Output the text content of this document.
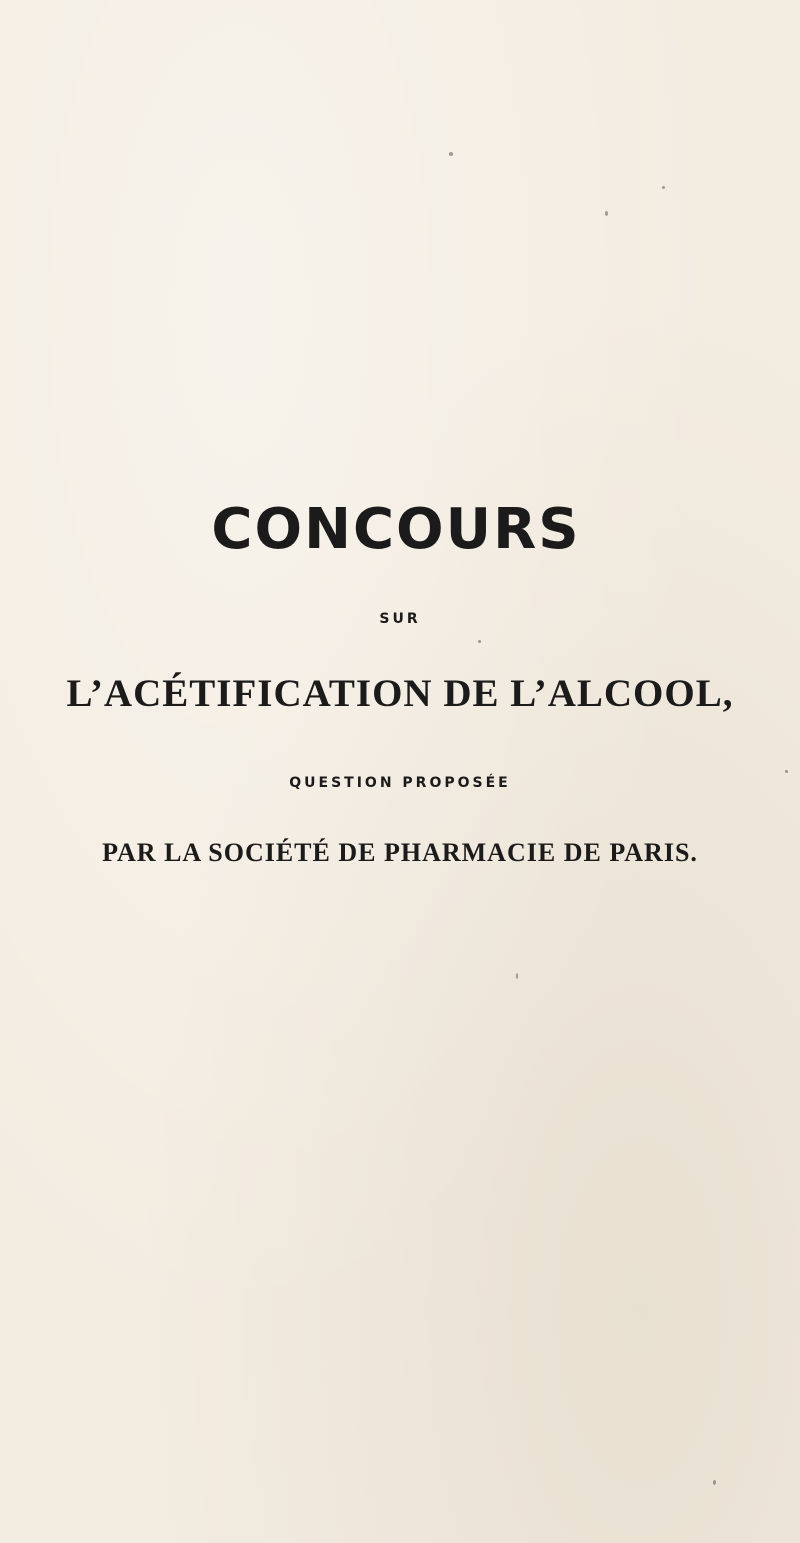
CONCOURS
SUR
L’ACÉTIFICATION DE L’ALCOOL,
QUESTION PROPOSÉE
PAR LA SOCIÉTÉ DE PHARMACIE DE PARIS.
